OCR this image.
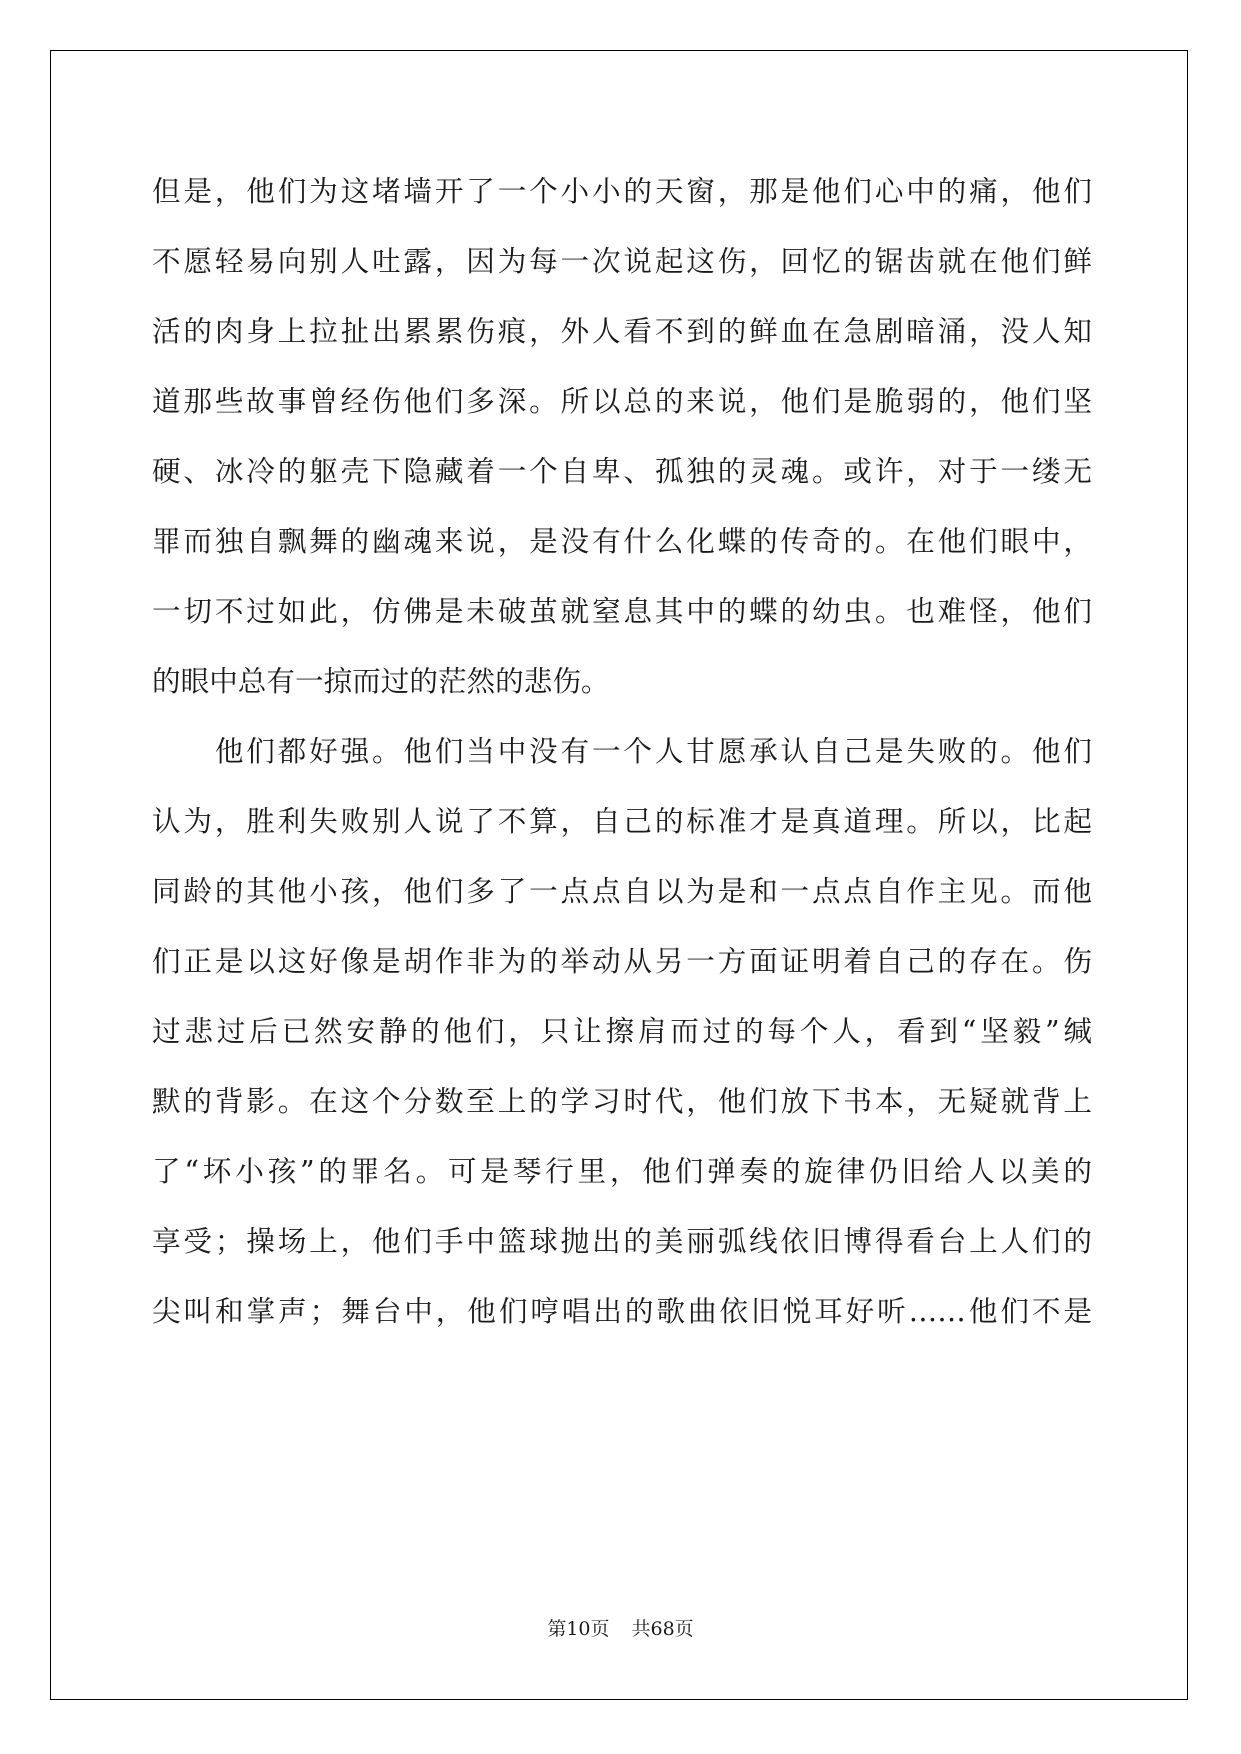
但是，他们为这堵墙开了一个小小的天窗，那是他们心中的痛，他们
不愿轻易向别人吐露，因为每一次说起这伤，回忆的锯齿就在他们鲜
活的肉身上拉扯出累累伤痕，外人看不到的鲜血在急剧暗涌，没人知
道那些故事曾经伤他们多深。所以总的来说，他们是脆弱的，他们坚
硬、冰冷的躯壳下隐藏着一个自卑、孤独的灵魂。或许，对于一缕无
罪而独自飘舞的幽魂来说，是没有什么化蝶的传奇的。在他们眼中，
一切不过如此，仿佛是未破茧就窒息其中的蝶的幼虫。也难怪，他们
的眼中总有一掠而过的茫然的悲伤。
　　他们都好强。他们当中没有一个人甘愿承认自己是失败的。他们
认为，胜利失败别人说了不算，自己的标准才是真道理。所以，比起
同龄的其他小孩，他们多了一点点自以为是和一点点自作主见。而他
们正是以这好像是胡作非为的举动从另一方面证明着自己的存在。伤
过悲过后已然安静的他们，只让擦肩而过的每个人，看到“坚毅”缄
默的背影。在这个分数至上的学习时代，他们放下书本，无疑就背上
了“坏小孩”的罪名。可是琴行里，他们弹奏的旋律仍旧给人以美的
享受；操场上，他们手中篮球抛出的美丽弧线依旧博得看台上人们的
尖叫和掌声；舞台中，他们哼唱出的歌曲依旧悦耳好听……他们不是
第10页 共68页
